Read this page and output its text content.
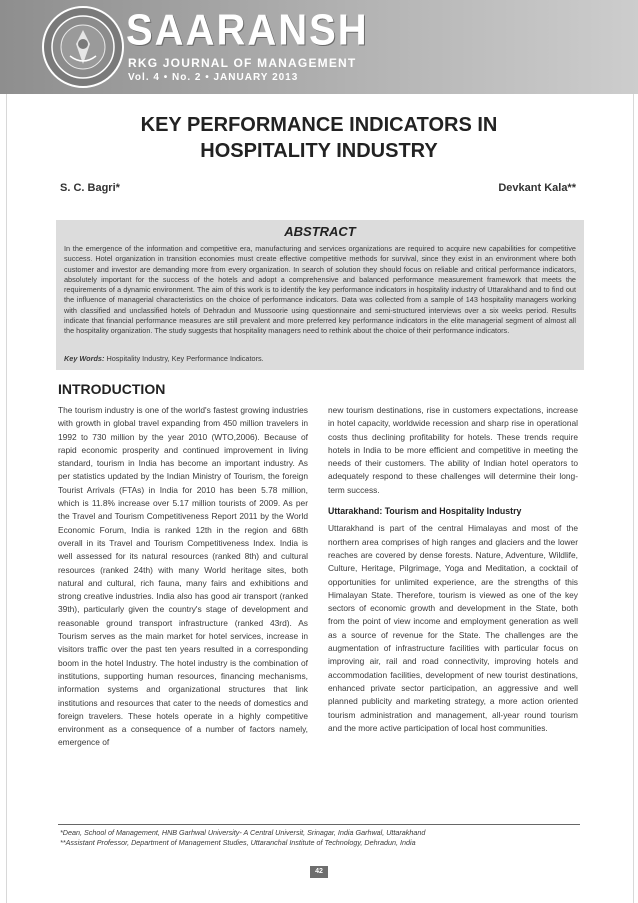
SAARANSH
RKG JOURNAL OF MANAGEMENT
Vol. 4 • No. 2 • JANUARY 2013
KEY PERFORMANCE INDICATORS IN
HOSPITALITY INDUSTRY
S. C. Bagri*	Devkant Kala**
ABSTRACT
In the emergence of the information and competitive era, manufacturing and services organizations are required to acquire new capabilities for competitive success. Hotel organization in transition economies must create effective competitive methods for survival, since they exist in an environment where both customer and investor are demanding more from every organization. In search of solution they should focus on reliable and critical performance indicators, absolutely important for the success of the hotels and adopt a comprehensive and balanced performance measurement framework that meets the requirements of a dynamic environment. The aim of this work is to identify the key performance indicators in hospitality industry of Uttarakhand and to find out the influence of managerial characteristics on the choice of performance indicators. Data was collected from a sample of 143 hospitality managers working with classified and unclassified hotels of Dehradun and Mussoorie using questionnaire and semi-structured interviews over a six weeks period. Results indicate that financial performance measures are still prevalent and more preferred key performance indicators in the elite managerial segment of almost all the hospitality organization. The study suggests that hospitality managers need to rethink about the choice of their performance indicators.
Key Words: Hospitality Industry, Key Performance Indicators.
INTRODUCTION

The tourism industry is one of the world's fastest growing industries with growth in global travel expanding from 450 million travelers in 1992 to 730 million by the year 2010 (WTO,2006). Because of rapid economic prosperity and continued improvement in living standard, tourism in India has become an important industry. As per statistics updated by the Indian Ministry of Tourism, the foreign Tourist Arrivals (FTAs) in India for 2010 has been 5.78 million, which is 11.8% increase over 5.17 million tourists of 2009. As per the Travel and Tourism Competitiveness Report 2011 by the World Economic Forum, India is ranked 12th in the region and 68th overall in its Travel and Tourism Competitiveness Index. India is well assessed for its natural resources (ranked 8th) and cultural resources (ranked 24th) with many World heritage sites, both natural and cultural, rich fauna, many fairs and exhibitions and strong creative industries. India also has good air transport (ranked 39th), particularly given the country's stage of development and reasonable ground transport infrastructure (ranked 43rd). As Tourism serves as the main market for hotel services, increase in visitors traffic over the past ten years resulted in a corresponding boom in the hotel Industry. The hotel industry is the combination of institutions, supporting human resources, financing mechanisms, information systems and organizational structures that link institutions and resources that cater to the needs of domestics and foreign travelers. These hotels operate in a highly competitive environment as a consequence of a number of factors namely, emergence of

new tourism destinations, rise in customers expectations, increase in hotel capacity, worldwide recession and sharp rise in operational costs thus declining profitability for hotels. These trends require hotels in India to be more efficient and competitive in meeting the needs of their customers. The ability of Indian hotel operators to adequately respond to these challenges will determine their long-term success.

Uttarakhand: Tourism and Hospitality Industry

Uttarakhand is part of the central Himalayas and most of the northern area comprises of high ranges and glaciers and the lower reaches are covered by dense forests. Nature, Adventure, Wildlife, Culture, Heritage, Pilgrimage, Yoga and Meditation, a cocktail of opportunities for unlimited experience, are the strengths of this Himalayan State. Therefore, tourism is viewed as one of the key sectors of economic growth and development in the State, both from the point of view income and employment generation as well as a source of revenue for the State. The challenges are the augmentation of infrastructure facilities with particular focus on improving air, rail and road connectivity, improving hotels and accommodation facilities, development of new tourist destinations, enhanced private sector participation, an aggressive and well planned publicity and marketing strategy, a more action oriented tourism administration and management, all-year round tourism and the more active participation of local host communities.

*Dean, School of Management, HNB Garhwal University- A Central Universit, Srinagar, India Garhwal, Uttarakhand
**Assistant Professor, Department of Management Studies, Uttaranchal Institute of Technology, Dehradun, India
42
